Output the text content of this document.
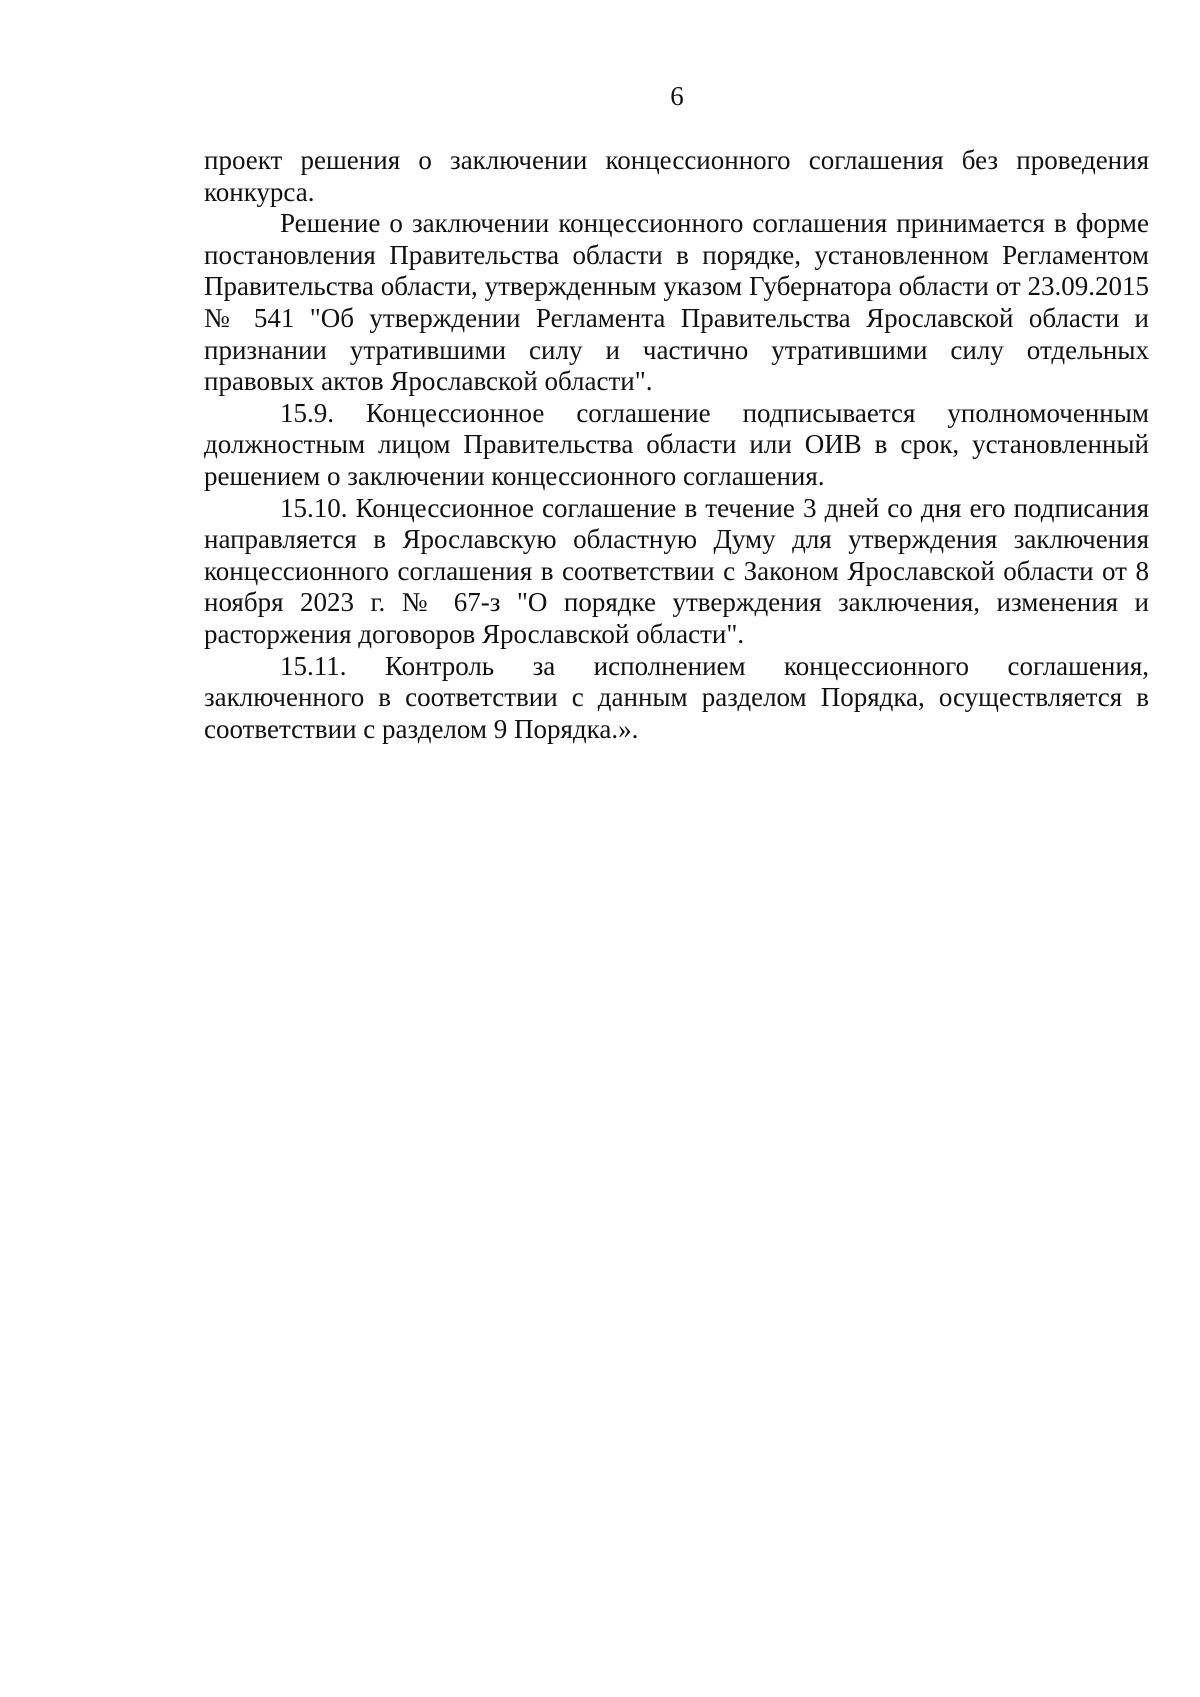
6

проект решения о заключении концессионного соглашения без проведения конкурса.

Решение о заключении концессионного соглашения принимается в форме постановления Правительства области в порядке, установленном Регламентом Правительства области, утвержденным указом Губернатора области от 23.09.2015 № 541 "Об утверждении Регламента Правительства Ярославской области и признании утратившими силу и частично утратившими силу отдельных правовых актов Ярославской области".

15.9. Концессионное соглашение подписывается уполномоченным должностным лицом Правительства области или ОИВ в срок, установленный решением о заключении концессионного соглашения.

15.10. Концессионное соглашение в течение 3 дней со дня его подписания направляется в Ярославскую областную Думу для утверждения заключения концессионного соглашения в соответствии с Законом Ярославской области от 8 ноября 2023 г. № 67-з "О порядке утверждения заключения, изменения и расторжения договоров Ярославской области".

15.11. Контроль за исполнением концессионного соглашения, заключенного в соответствии с данным разделом Порядка, осуществляется в соответствии с разделом 9 Порядка.».
